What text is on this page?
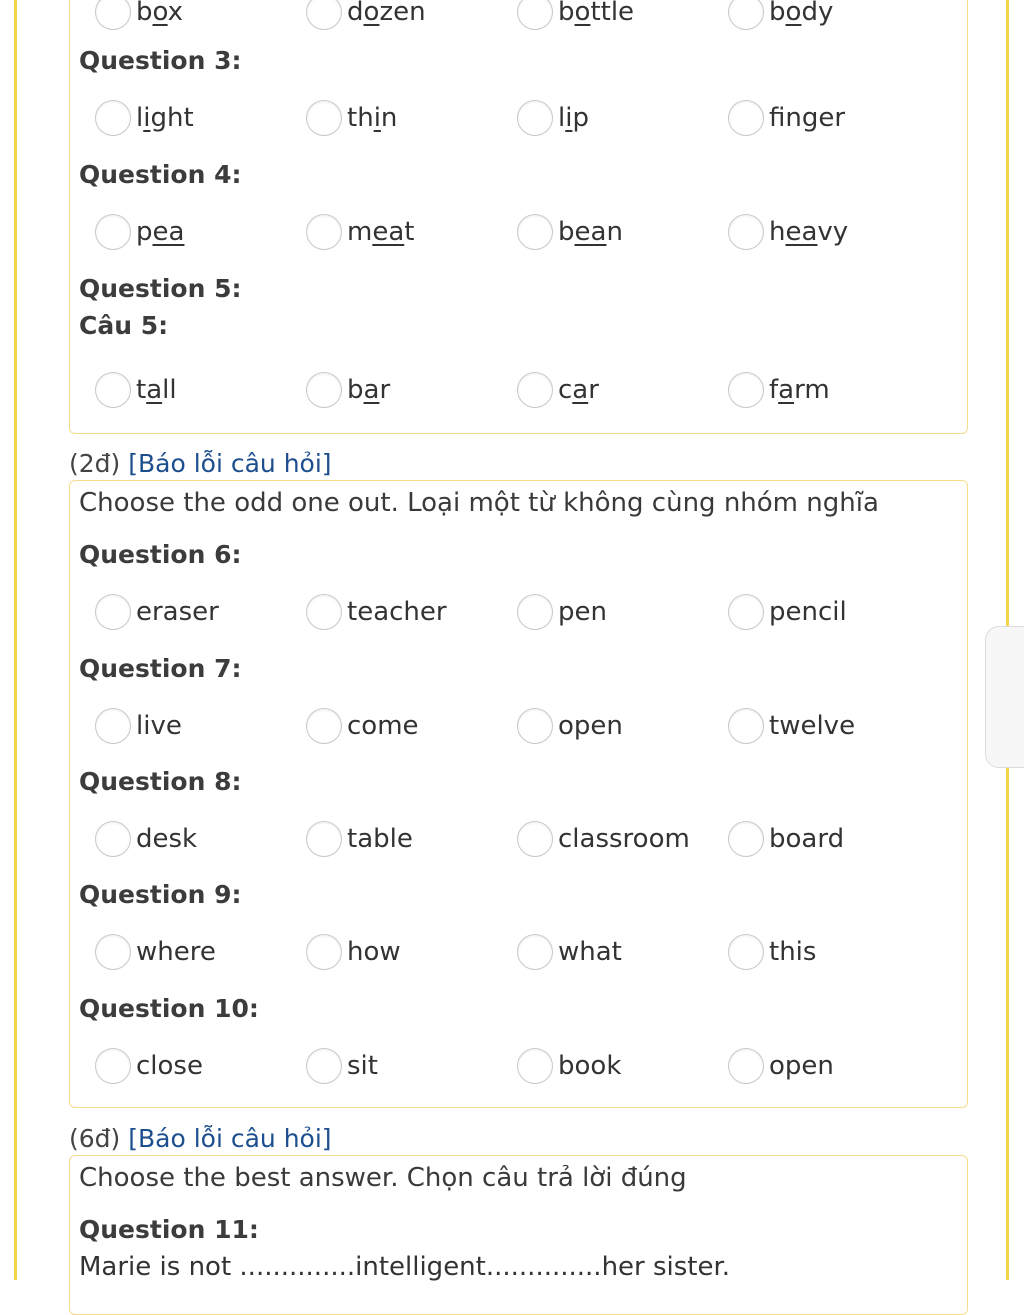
box	dozen	bottle	body
Question 3:
light	thin	lip	finger
Question 4:
pea	meat	bean	heavy
Question 5:
Câu 5:
tall	bar	car	farm
(2đ) [Báo lỗi câu hỏi]
Choose the odd one out. Loại một từ không cùng nhóm nghĩa
Question 6:
eraser	teacher	pen	pencil
Question 7:
live	come	open	twelve
Question 8:
desk	table	classroom	board
Question 9:
where	how	what	this
Question 10:
close	sit	book	open
(6đ) [Báo lỗi câu hỏi]
Choose the best answer. Chọn câu trả lời đúng
Question 11:
Marie is not ..............intelligent..............her sister.
